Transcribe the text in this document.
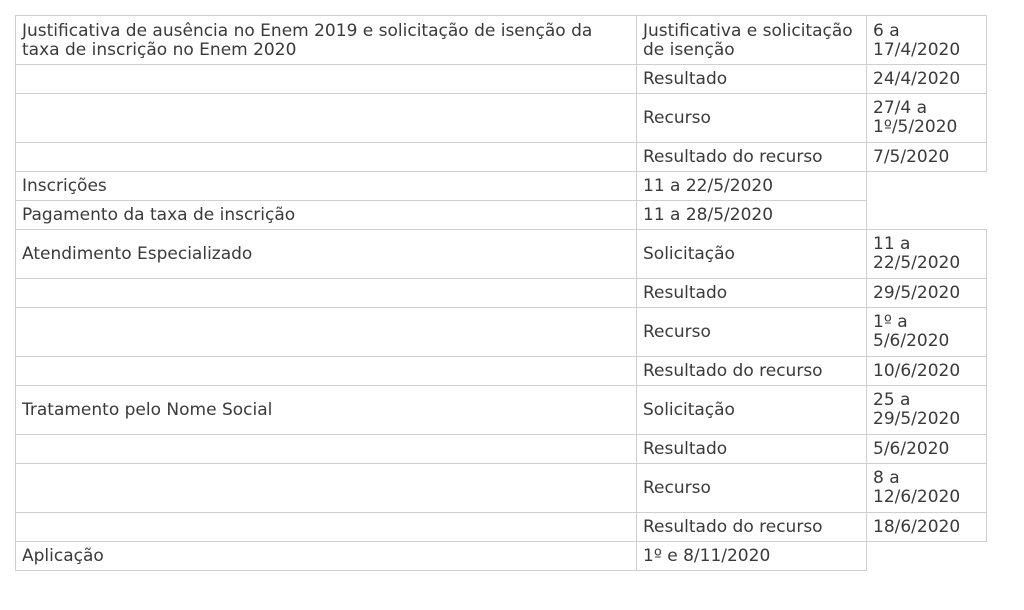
Justificativa de ausência no Enem 2019 e solicitação de isenção da taxa de inscrição no Enem 2020	Justificativa e solicitação de isenção	6 a 17/4/2020
	Resultado	24/4/2020
	Recurso	27/4 a 1º/5/2020
	Resultado do recurso	7/5/2020
Inscrições	11 a 22/5/2020	
Pagamento da taxa de inscrição	11 a 28/5/2020	
Atendimento Especializado	Solicitação	11 a 22/5/2020
	Resultado	29/5/2020
	Recurso	1º a 5/6/2020
	Resultado do recurso	10/6/2020
Tratamento pelo Nome Social	Solicitação	25 a 29/5/2020
	Resultado	5/6/2020
	Recurso	8 a 12/6/2020
	Resultado do recurso	18/6/2020
Aplicação	1º e 8/11/2020	
